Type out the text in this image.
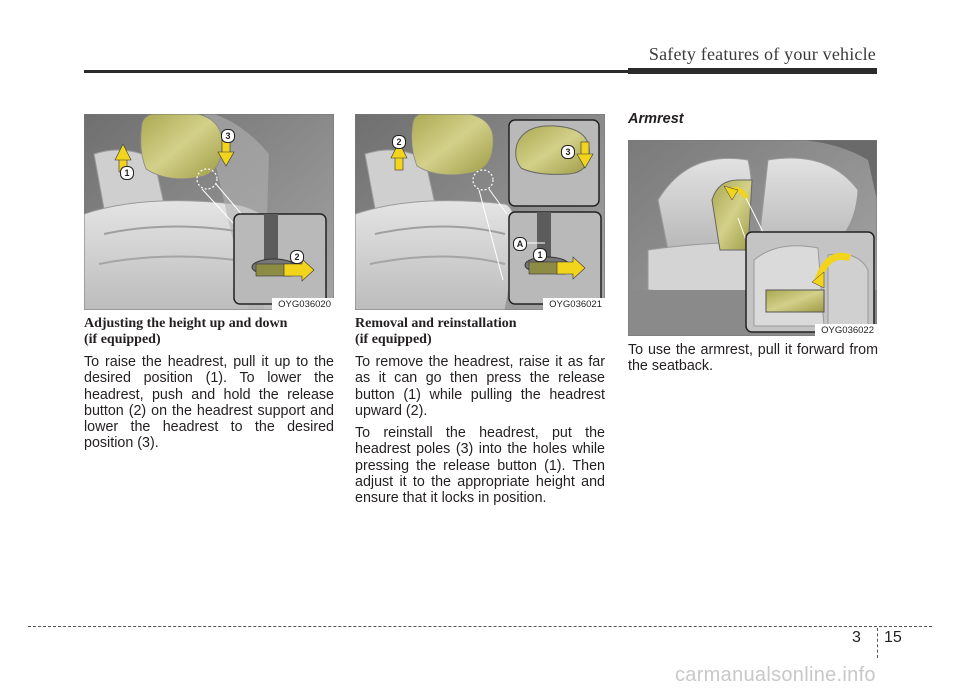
Safety features of your vehicle
1
3
2
OYG036020
2
3
A
1
OYG036021
OYG036022

Adjusting the height up and down
(if equipped)

To raise the headrest, pull it up to the desired position (1). To lower the headrest, push and hold the release button (2) on the headrest support and lower the headrest to the desired position (3).

Removal and reinstallation
(if equipped)

To remove the headrest, raise it as far as it can go then press the release button (1) while pulling the headrest upward (2).

To reinstall the headrest, put the headrest poles (3) into the holes while pressing the release button (1). Then adjust it to the appropriate height and ensure that it locks in position.

Armrest

To use the armrest, pull it forward from the seatback.

3 15
carmanualsonline.info
